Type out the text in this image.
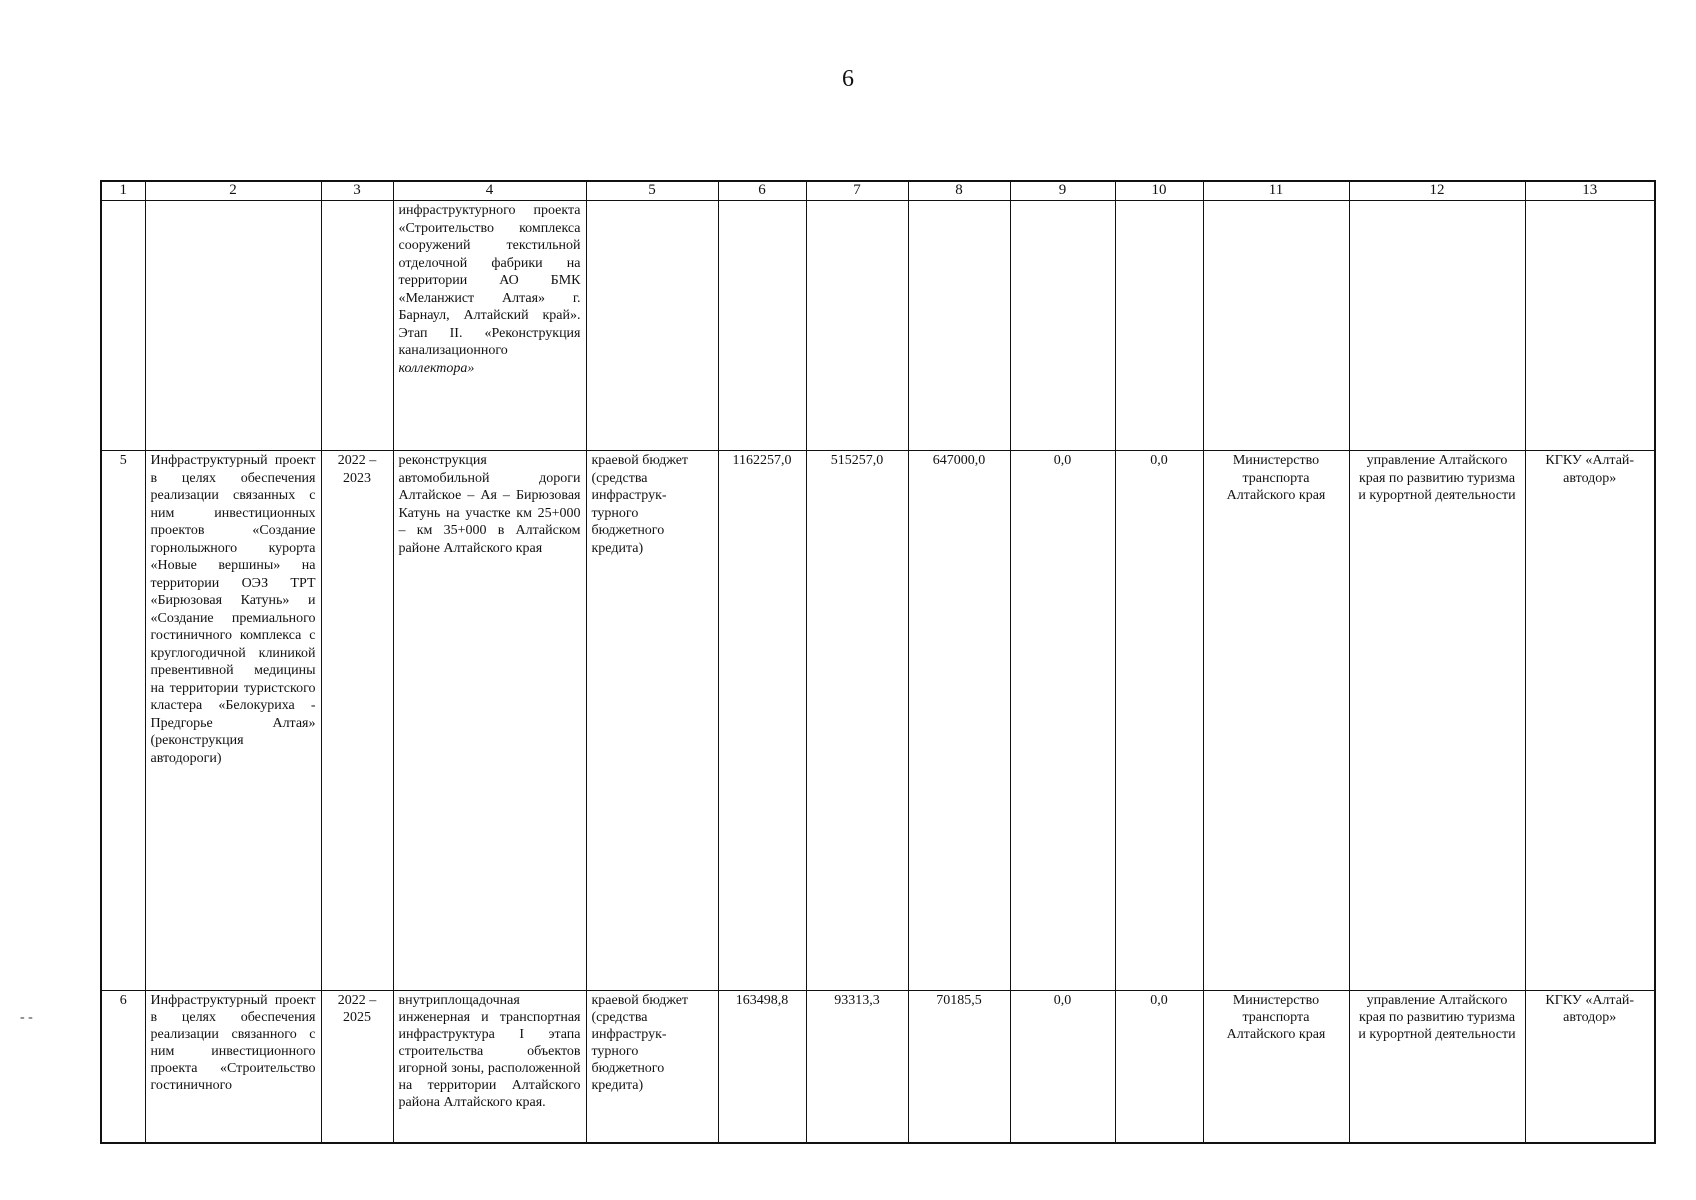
6
1	2	3	4	5	6	7	8	9	10	11	12	13
			инфраструктурного проекта «Строительство комплекса сооружений текстильной отделочной фабрики на территории АО БМК «Меланжист Алтая» г. Барнаул, Алтайский край». Этап II. «Реконструкция канализационного коллектора»									
5	Инфраструктурный проект в целях обеспечения реализации связанных с ним инвестиционных проектов «Создание горнолыжного курорта «Новые вершины» на территории ОЭЗ ТРТ «Бирюзовая Катунь» и «Создание премиального гостиничного комплекса с круглогодичной клиникой превентивной медицины на территории туристского кластера «Белокуриха - Предгорье Алтая» (реконструкция автодороги)	2022 – 2023	реконструкция автомобильной дороги Алтайское – Ая – Бирюзовая Катунь на участке км 25+000 – км 35+000 в Алтайском районе Алтайского края	краевой бюджет (средства инфраструк-турного бюджетного кредита)	1162257,0	515257,0	647000,0	0,0	0,0	Министерство транспорта Алтайского края	управление Алтайского края по развитию туризма и курортной деятельности	КГКУ «Алтай-автодор»
6	Инфраструктурный проект в целях обеспечения реализации связанного с ним инвестиционного проекта «Строительство гостиничного	2022 – 2025	внутриплощадочная инженерная и транспортная инфраструктура I этапа строительства объектов игорной зоны, расположенной на территории Алтайского района Алтайского края.	краевой бюджет (средства инфраструк-турного бюджетного кредита)	163498,8	93313,3	70185,5	0,0	0,0	Министерство транспорта Алтайского края	управление Алтайского края по развитию туризма и курортной деятельности	КГКУ «Алтай-автодор»
- -
